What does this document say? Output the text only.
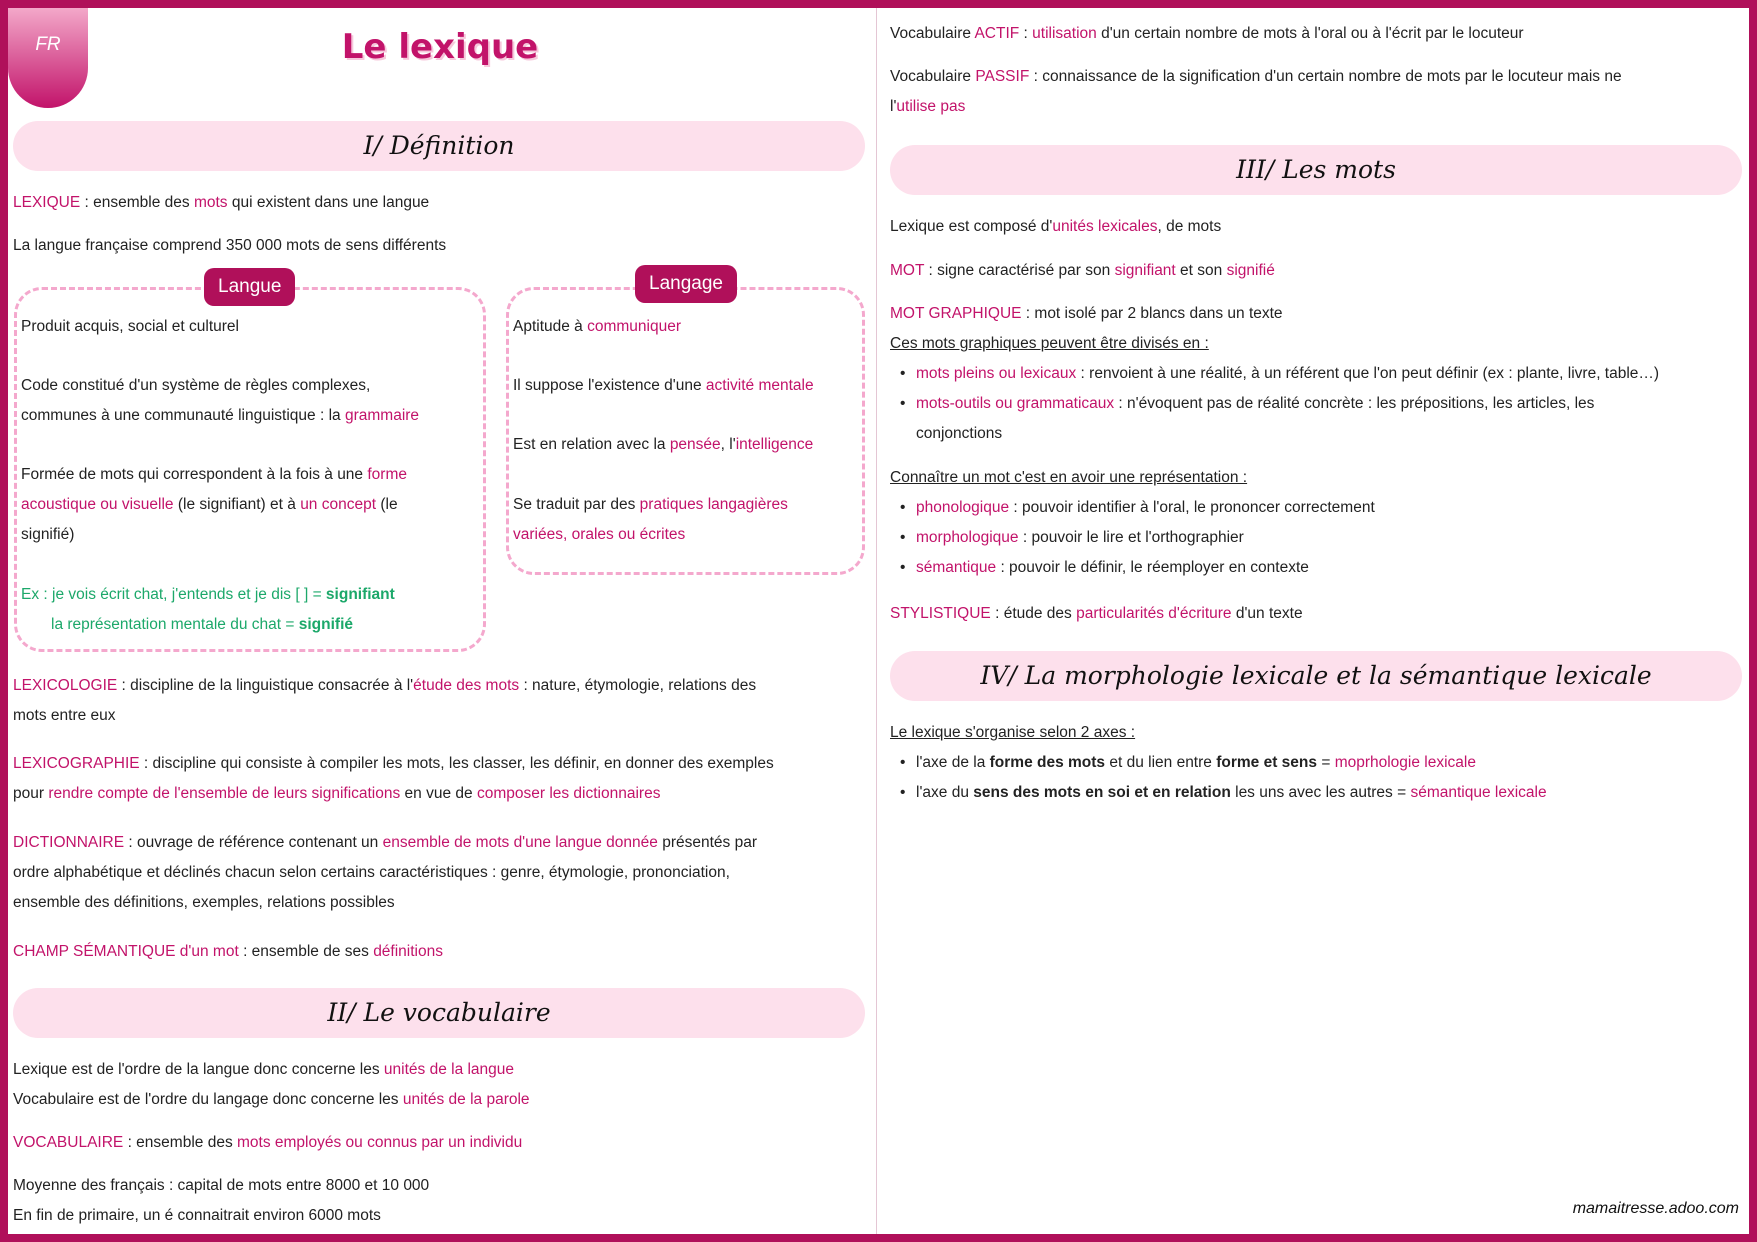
FR	Le lexique
I/ Définition
LEXIQUE : ensemble des mots qui existent dans une langue
La langue française comprend 350 000 mots de sens différents
Langue
Produit acquis, social et culturel
Code constitué d'un système de règles complexes,
communes à une communauté linguistique : la grammaire
Formée de mots qui correspondent à la fois à une forme
acoustique ou visuelle (le signifiant) et à un concept (le
signifié)
Ex : je vois écrit chat, j'entends et je dis [ ] = signifiant
la représentation mentale du chat = signifié
Langage
Aptitude à communiquer
Il suppose l'existence d'une activité mentale
Est en relation avec la pensée, l'intelligence
Se traduit par des pratiques langagières
variées, orales ou écrites
LEXICOLOGIE : discipline de la linguistique consacrée à l'étude des mots : nature, étymologie, relations des
mots entre eux
LEXICOGRAPHIE : discipline qui consiste à compiler les mots, les classer, les définir, en donner des exemples
pour rendre compte de l'ensemble de leurs significations en vue de composer les dictionnaires
DICTIONNAIRE : ouvrage de référence contenant un ensemble de mots d'une langue donnée présentés par
ordre alphabétique et déclinés chacun selon certains caractéristiques : genre, étymologie, prononciation,
ensemble des définitions, exemples, relations possibles
CHAMP SÉMANTIQUE d'un mot : ensemble de ses définitions
II/ Le vocabulaire
Lexique est de l'ordre de la langue donc concerne les unités de la langue
Vocabulaire est de l'ordre du langage donc concerne les unités de la parole
VOCABULAIRE : ensemble des mots employés ou connus par un individu
Moyenne des français : capital de mots entre 8000 et 10 000
En fin de primaire, un é connaitrait environ 6000 mots
Vocabulaire ACTIF : utilisation d'un certain nombre de mots à l'oral ou à l'écrit par le locuteur
Vocabulaire PASSIF : connaissance de la signification d'un certain nombre de mots par le locuteur mais ne
l'utilise pas
III/ Les mots
Lexique est composé d'unités lexicales, de mots
MOT : signe caractérisé par son signifiant et son signifié
MOT GRAPHIQUE : mot isolé par 2 blancs dans un texte
Ces mots graphiques peuvent être divisés en :
• mots pleins ou lexicaux : renvoient à une réalité, à un référent que l'on peut définir (ex : plante, livre, table…)
• mots-outils ou grammaticaux : n'évoquent pas de réalité concrète : les prépositions, les articles, les
conjonctions
Connaître un mot c'est en avoir une représentation :
• phonologique : pouvoir identifier à l'oral, le prononcer correctement
• morphologique : pouvoir le lire et l'orthographier
• sémantique : pouvoir le définir, le réemployer en contexte
STYLISTIQUE : étude des particularités d'écriture d'un texte
IV/ La morphologie lexicale et la sémantique lexicale
Le lexique s'organise selon 2 axes :
• l'axe de la forme des mots et du lien entre forme et sens = moprhologie lexicale
• l'axe du sens des mots en soi et en relation les uns avec les autres = sémantique lexicale
mamaitresse.adoo.com
